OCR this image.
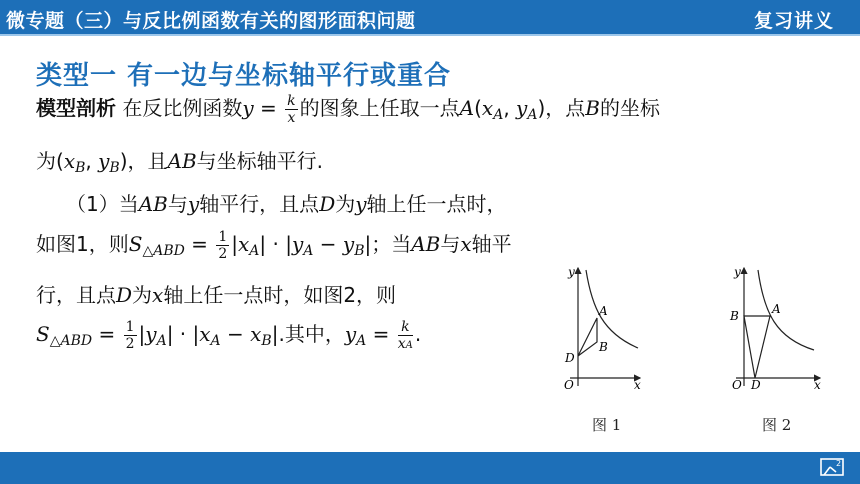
微专题（三）与反比例函数有关的图形面积问题	复习讲义
类型一 有一边与坐标轴平行或重合
模型剖析 在反比例函数$y = \frac{k}{x}$ 的图象上任取一点$A(x_A$, $y_A$)，点B的坐标
为($x_B$, $y_B$)，且AB与坐标轴平行.
（1）当AB与y轴平行，且点D为y轴上任一点时，
如图1，则$S_{\triangle ABD} = \frac{1}{2} |x_A| \cdot |y_A - y_B|$；当AB与x轴平
行，且点D为x轴上任一点时，如图2，则
$S_{\triangle ABD} = \frac{1}{2} |y_A| \cdot |x_A - x_B|$.其中，$y_A = \frac{k}{xA}$ .
y
x
O
A
B
D
y
x
O
A
B
D
图 1	图 2
2
